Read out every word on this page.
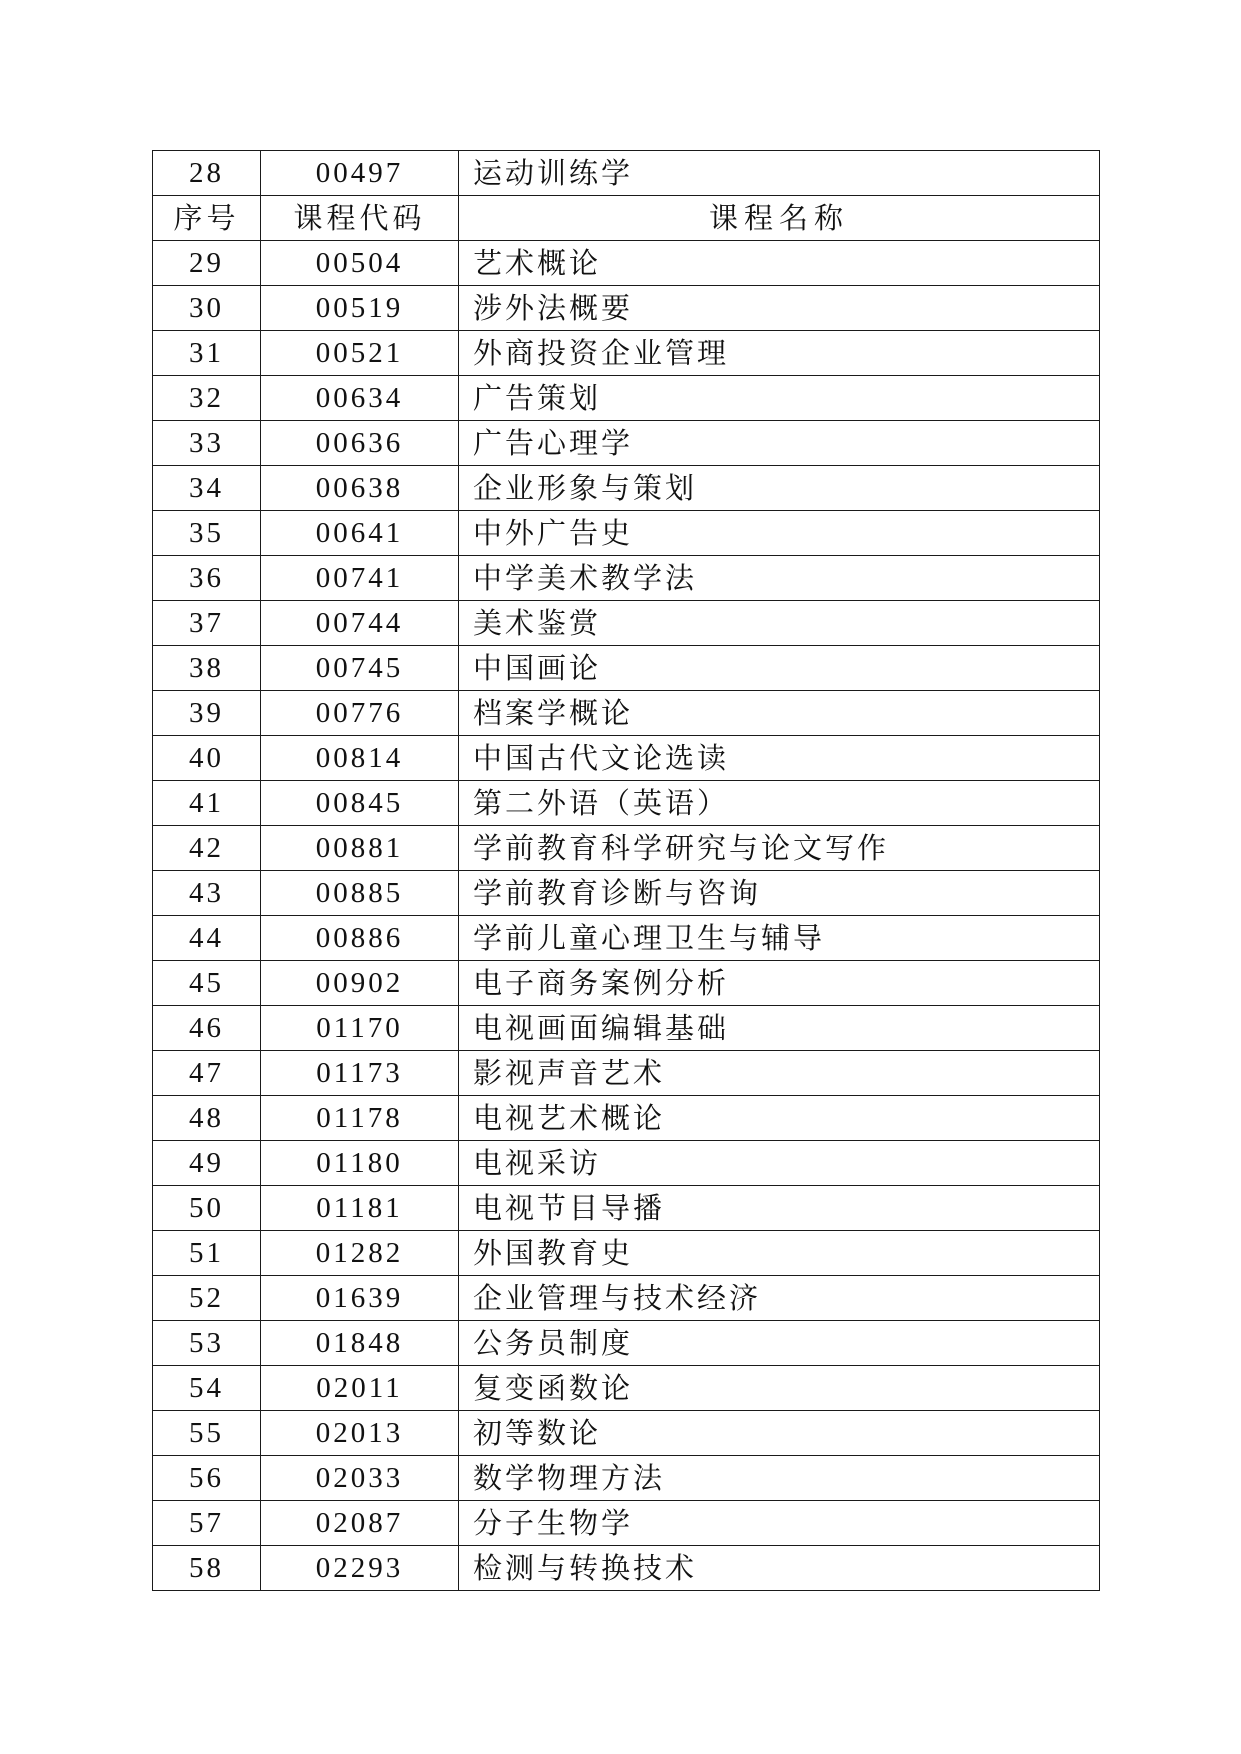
28	00497	运动训练学
序号	课程代码	课程名称
29	00504	艺术概论
30	00519	涉外法概要
31	00521	外商投资企业管理
32	00634	广告策划
33	00636	广告心理学
34	00638	企业形象与策划
35	00641	中外广告史
36	00741	中学美术教学法
37	00744	美术鉴赏
38	00745	中国画论
39	00776	档案学概论
40	00814	中国古代文论选读
41	00845	第二外语（英语）
42	00881	学前教育科学研究与论文写作
43	00885	学前教育诊断与咨询
44	00886	学前儿童心理卫生与辅导
45	00902	电子商务案例分析
46	01170	电视画面编辑基础
47	01173	影视声音艺术
48	01178	电视艺术概论
49	01180	电视采访
50	01181	电视节目导播
51	01282	外国教育史
52	01639	企业管理与技术经济
53	01848	公务员制度
54	02011	复变函数论
55	02013	初等数论
56	02033	数学物理方法
57	02087	分子生物学
58	02293	检测与转换技术
